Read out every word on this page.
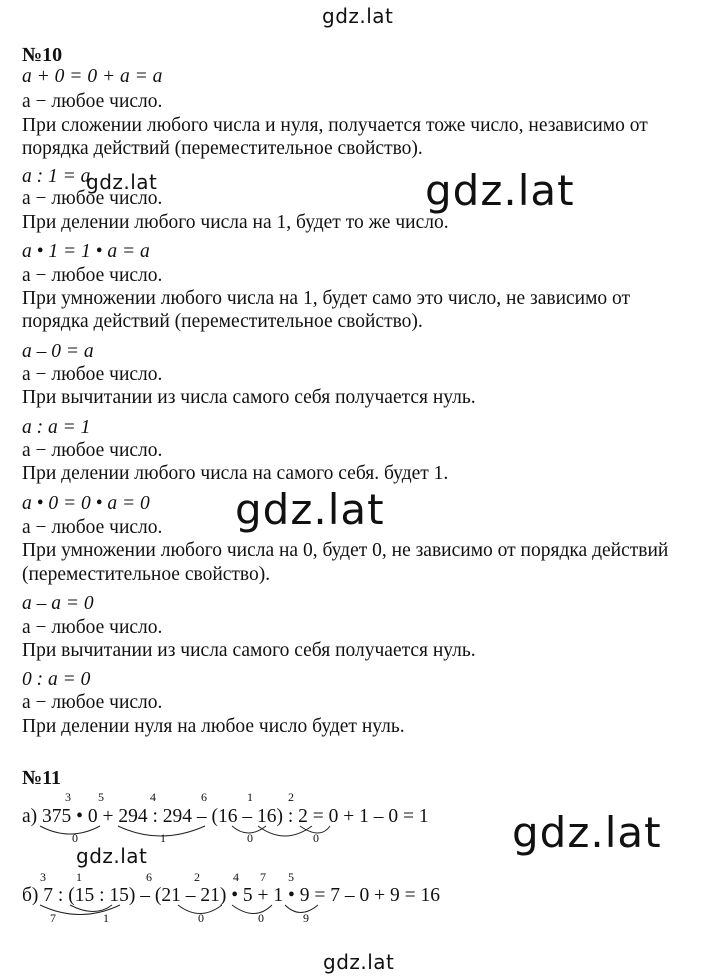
gdz.lat
gdz.lat	gdz.lat
gdz.lat
gdz.lat
gdz.lat
gdz.lat
№10
a + 0 = 0 + a = a
a − любое число.
При сложении любого числа и нуля, получается тоже число, независимо от
порядка действий (переместительное свойство).
a : 1 = a
a − любое число.
При делении любого числа на 1, будет то же число.
a • 1 = 1 • a = a
a − любое число.
При умножении любого числа на 1, будет само это число, не зависимо от
порядка действий (переместительное свойство).
a – 0 = a
a − любое число.
При вычитании из числа самого себя получается нуль.
a : a = 1
a − любое число.
При делении любого числа на самого себя. будет 1.
a • 0 = 0 • a = 0
a − любое число.
При умножении любого числа на 0, будет 0, не зависимо от порядка действий
(переместительное свойство).
a – a = 0
a − любое число.
При вычитании из числа самого себя получается нуль.
0 : a = 0
a − любое число.
При делении нуля на любое число будет нуль.
№11
3 5	4	6	1	2
а) 375 • 0 + 294 : 294 – (16 – 16) : 2 = 0 + 1 – 0 = 1
0	1	0	0
3	1	6	2	4 7 5
б) 7 : (15 : 15) – (21 – 21) • 5 + 1 • 9 = 7 – 0 + 9 = 16
7	1	0	0	9
